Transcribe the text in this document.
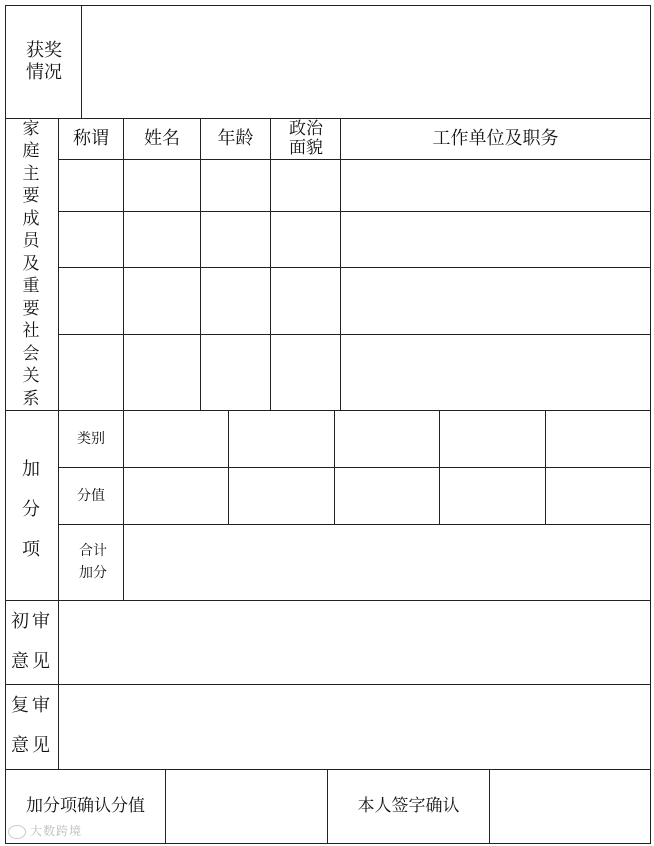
获奖情况
家庭主要成员及重要社会关系
称谓	姓名	年龄	政治面貌	工作单位及职务
加分项
类别
分值
合计加分
初审意见
复审意见
加分项确认分值	本人签字确认
大数跨境
